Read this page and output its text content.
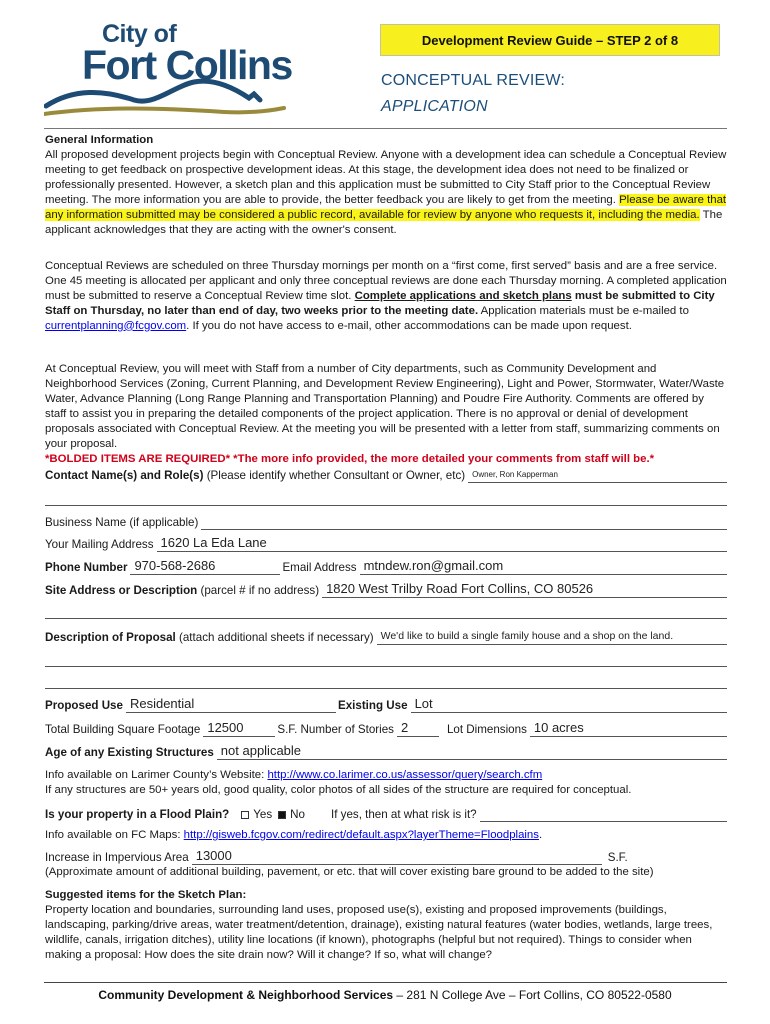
City of
Fort Collins
Development Review Guide – STEP 2 of 8
CONCEPTUAL REVIEW:
APPLICATION
General Information
All proposed development projects begin with Conceptual Review. Anyone with a development idea can schedule a Conceptual Review meeting to get feedback on prospective development ideas. At this stage, the development idea does not need to be finalized or professionally presented. However, a sketch plan and this application must be submitted to City Staff prior to the Conceptual Review meeting. The more information you are able to provide, the better feedback you are likely to get from the meeting. Please be aware that any information submitted may be considered a public record, available for review by anyone who requests it, including the media. The applicant acknowledges that they are acting with the owner's consent.
Conceptual Reviews are scheduled on three Thursday mornings per month on a “first come, first served” basis and are a free service. One 45 meeting is allocated per applicant and only three conceptual reviews are done each Thursday morning. A completed application must be submitted to reserve a Conceptual Review time slot. Complete applications and sketch plans must be submitted to City Staff on Thursday, no later than end of day, two weeks prior to the meeting date. Application materials must be e-mailed to currentplanning@fcgov.com. If you do not have access to e-mail, other accommodations can be made upon request.
At Conceptual Review, you will meet with Staff from a number of City departments, such as Community Development and Neighborhood Services (Zoning, Current Planning, and Development Review Engineering), Light and Power, Stormwater, Water/Waste Water, Advance Planning (Long Range Planning and Transportation Planning) and Poudre Fire Authority. Comments are offered by staff to assist you in preparing the detailed components of the project application. There is no approval or denial of development proposals associated with Conceptual Review. At the meeting you will be presented with a letter from staff, summarizing comments on your proposal.
*BOLDED ITEMS ARE REQUIRED* *The more info provided, the more detailed your comments from staff will be.*
Contact Name(s) and Role(s) (Please identify whether Consultant or Owner, etc) Owner, Ron Kapperman
Business Name (if applicable)
Your Mailing Address 1620 La Eda Lane
Phone Number 970-568-2686	Email Address mtndew.ron@gmail.com
Site Address or Description (parcel # if no address) 1820 West Trilby Road Fort Collins, CO 80526
Description of Proposal (attach additional sheets if necessary) We'd like to build a single family house and a shop on the land.
Proposed Use Residential	Existing Use Lot
Total Building Square Footage 12500	S.F. Number of Stories 2	Lot Dimensions 10 acres
Age of any Existing Structures not applicable
Info available on Larimer County’s Website: http://www.co.larimer.co.us/assessor/query/search.cfm
If any structures are 50+ years old, good quality, color photos of all sides of the structure are required for conceptual.
Is your property in a Flood Plain?	Yes	No If yes, then at what risk is it?
Info available on FC Maps: http://gisweb.fcgov.com/redirect/default.aspx?layerTheme=Floodplains.
Increase in Impervious Area 13000	S.F.
(Approximate amount of additional building, pavement, or etc. that will cover existing bare ground to be added to the site)
Suggested items for the Sketch Plan:
Property location and boundaries, surrounding land uses, proposed use(s), existing and proposed improvements (buildings, landscaping, parking/drive areas, water treatment/detention, drainage), existing natural features (water bodies, wetlands, large trees, wildlife, canals, irrigation ditches), utility line locations (if known), photographs (helpful but not required). Things to consider when making a proposal: How does the site drain now? Will it change? If so, what will change?
Community Development & Neighborhood Services – 281 N College Ave – Fort Collins, CO 80522-0580
